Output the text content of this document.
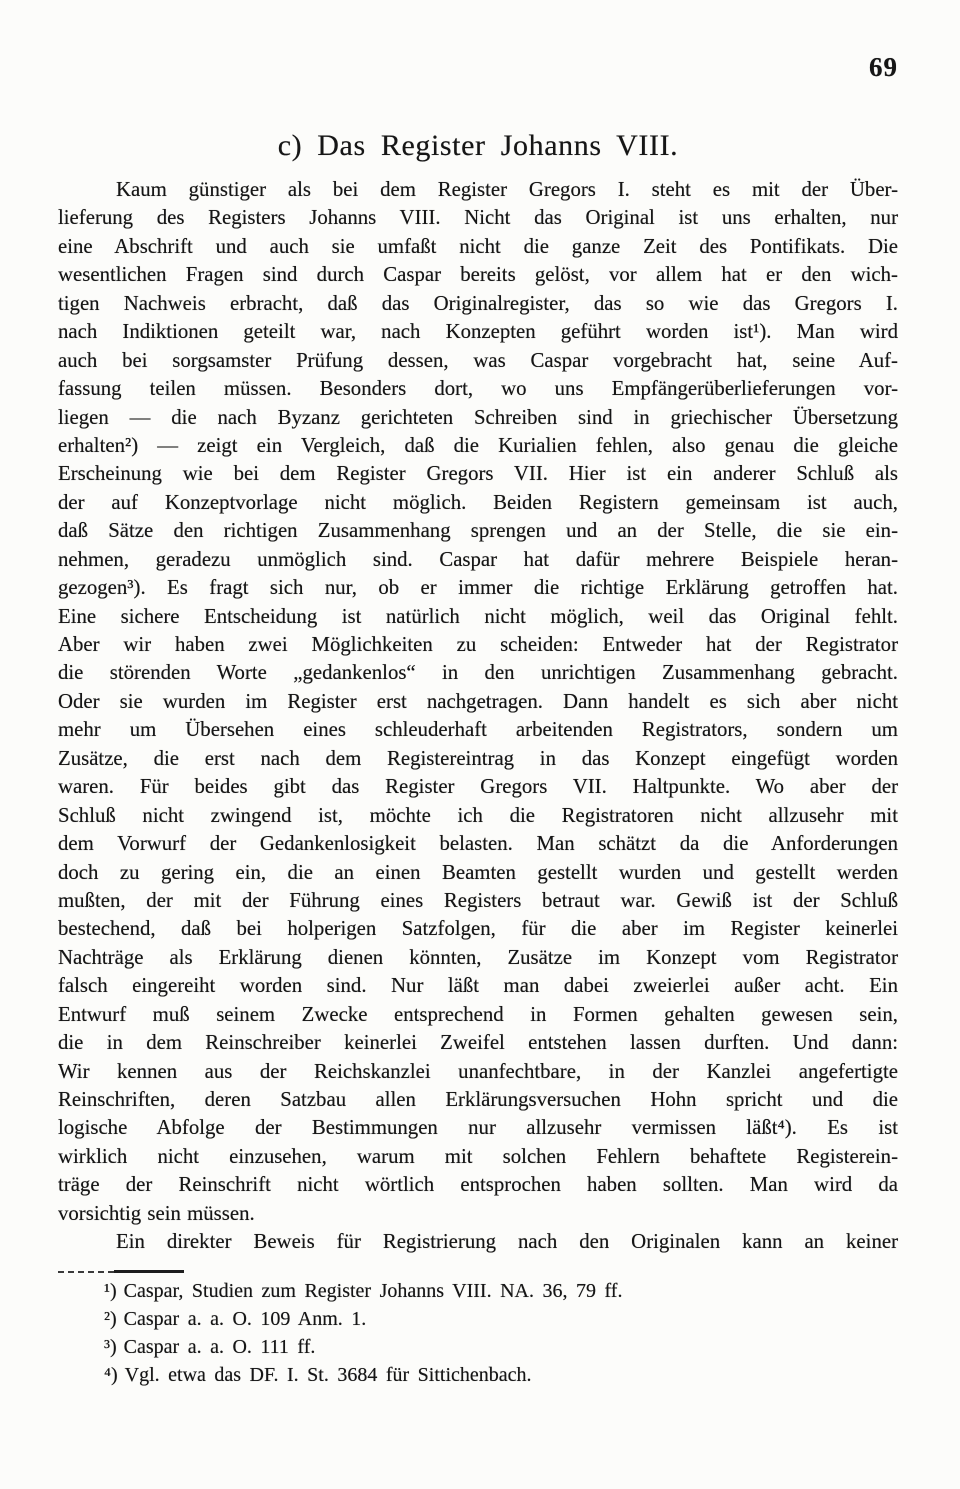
69
c) Das Register Johanns VIII.
Kaum günstiger als bei dem Register Gregors I. steht es mit der Über-
lieferung des Registers Johanns VIII. Nicht das Original ist uns erhalten, nur
eine Abschrift und auch sie umfaßt nicht die ganze Zeit des Pontifikats. Die
wesentlichen Fragen sind durch Caspar bereits gelöst, vor allem hat er den wich-
tigen Nachweis erbracht, daß das Originalregister, das so wie das Gregors I.
nach Indiktionen geteilt war, nach Konzepten geführt worden ist¹). Man wird
auch bei sorgsamster Prüfung dessen, was Caspar vorgebracht hat, seine Auf-
fassung teilen müssen. Besonders dort, wo uns Empfängerüberlieferungen vor-
liegen — die nach Byzanz gerichteten Schreiben sind in griechischer Übersetzung
erhalten²) — zeigt ein Vergleich, daß die Kurialien fehlen, also genau die gleiche
Erscheinung wie bei dem Register Gregors VII. Hier ist ein anderer Schluß als
der auf Konzeptvorlage nicht möglich. Beiden Registern gemeinsam ist auch,
daß Sätze den richtigen Zusammenhang sprengen und an der Stelle, die sie ein-
nehmen, geradezu unmöglich sind. Caspar hat dafür mehrere Beispiele heran-
gezogen³). Es fragt sich nur, ob er immer die richtige Erklärung getroffen hat.
Eine sichere Entscheidung ist natürlich nicht möglich, weil das Original fehlt.
Aber wir haben zwei Möglichkeiten zu scheiden: Entweder hat der Registrator
die störenden Worte „gedankenlos“ in den unrichtigen Zusammenhang gebracht.
Oder sie wurden im Register erst nachgetragen. Dann handelt es sich aber nicht
mehr um Übersehen eines schleuderhaft arbeitenden Registrators, sondern um
Zusätze, die erst nach dem Registereintrag in das Konzept eingefügt worden
waren. Für beides gibt das Register Gregors VII. Haltpunkte. Wo aber der
Schluß nicht zwingend ist, möchte ich die Registratoren nicht allzusehr mit
dem Vorwurf der Gedankenlosigkeit belasten. Man schätzt da die Anforderungen
doch zu gering ein, die an einen Beamten gestellt wurden und gestellt werden
mußten, der mit der Führung eines Registers betraut war. Gewiß ist der Schluß
bestechend, daß bei holperigen Satzfolgen, für die aber im Register keinerlei
Nachträge als Erklärung dienen könnten, Zusätze im Konzept vom Registrator
falsch eingereiht worden sind. Nur läßt man dabei zweierlei außer acht. Ein
Entwurf muß seinem Zwecke entsprechend in Formen gehalten gewesen sein,
die in dem Reinschreiber keinerlei Zweifel entstehen lassen durften. Und dann:
Wir kennen aus der Reichskanzlei unanfechtbare, in der Kanzlei angefertigte
Reinschriften, deren Satzbau allen Erklärungsversuchen Hohn spricht und die
logische Abfolge der Bestimmungen nur allzusehr vermissen läßt⁴). Es ist
wirklich nicht einzusehen, warum mit solchen Fehlern behaftete Registerein-
träge der Reinschrift nicht wörtlich entsprochen haben sollten. Man wird da
vorsichtig sein müssen.
Ein direkter Beweis für Registrierung nach den Originalen kann an keiner
¹) Caspar, Studien zum Register Johanns VIII. NA. 36, 79 ff.
²) Caspar a. a. O. 109 Anm. 1.
³) Caspar a. a. O. 111 ff.
⁴) Vgl. etwa das DF. I. St. 3684 für Sittichenbach.
